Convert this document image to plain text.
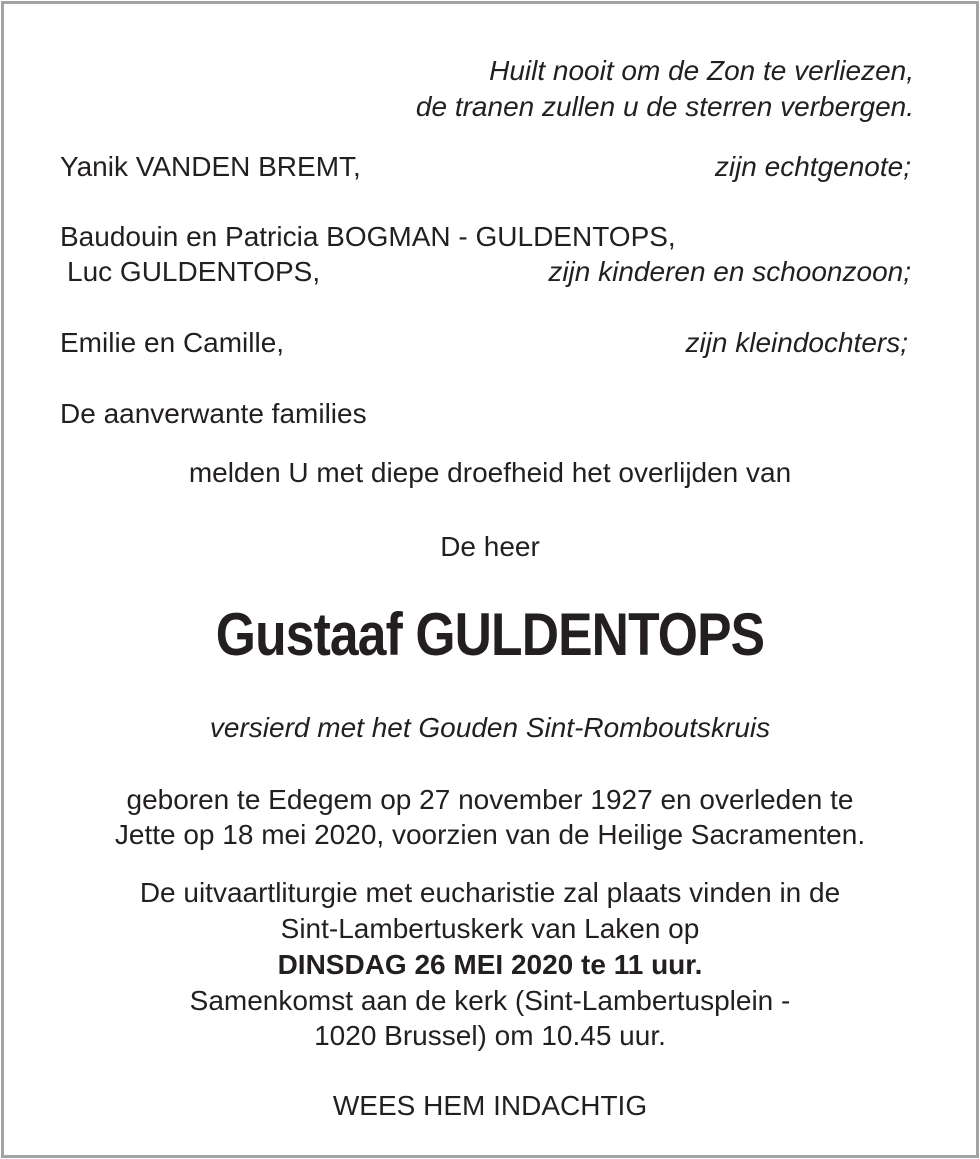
Huilt nooit om de Zon te verliezen,

de tranen zullen u de sterren verbergen.

Yanik VANDEN BREMT,	zijn echtgenote;

Baudouin en Patricia BOGMAN - GULDENTOPS,

Luc GULDENTOPS,	zijn kinderen en schoonzoon;

Emilie en Camille,	zijn kleindochters;

De aanverwante families

melden U met diepe droefheid het overlijden van

De heer

Gustaaf GULDENTOPS

versierd met het Gouden Sint-Romboutskruis

geboren te Edegem op 27 november 1927 en overleden te

Jette op 18 mei 2020, voorzien van de Heilige Sacramenten.

De uitvaartliturgie met eucharistie zal plaats vinden in de

Sint-Lambertuskerk van Laken op

DINSDAG 26 MEI 2020 te 11 uur.

Samenkomst aan de kerk (Sint-Lambertusplein -

1020 Brussel) om 10.45 uur.

WEES HEM INDACHTIG
